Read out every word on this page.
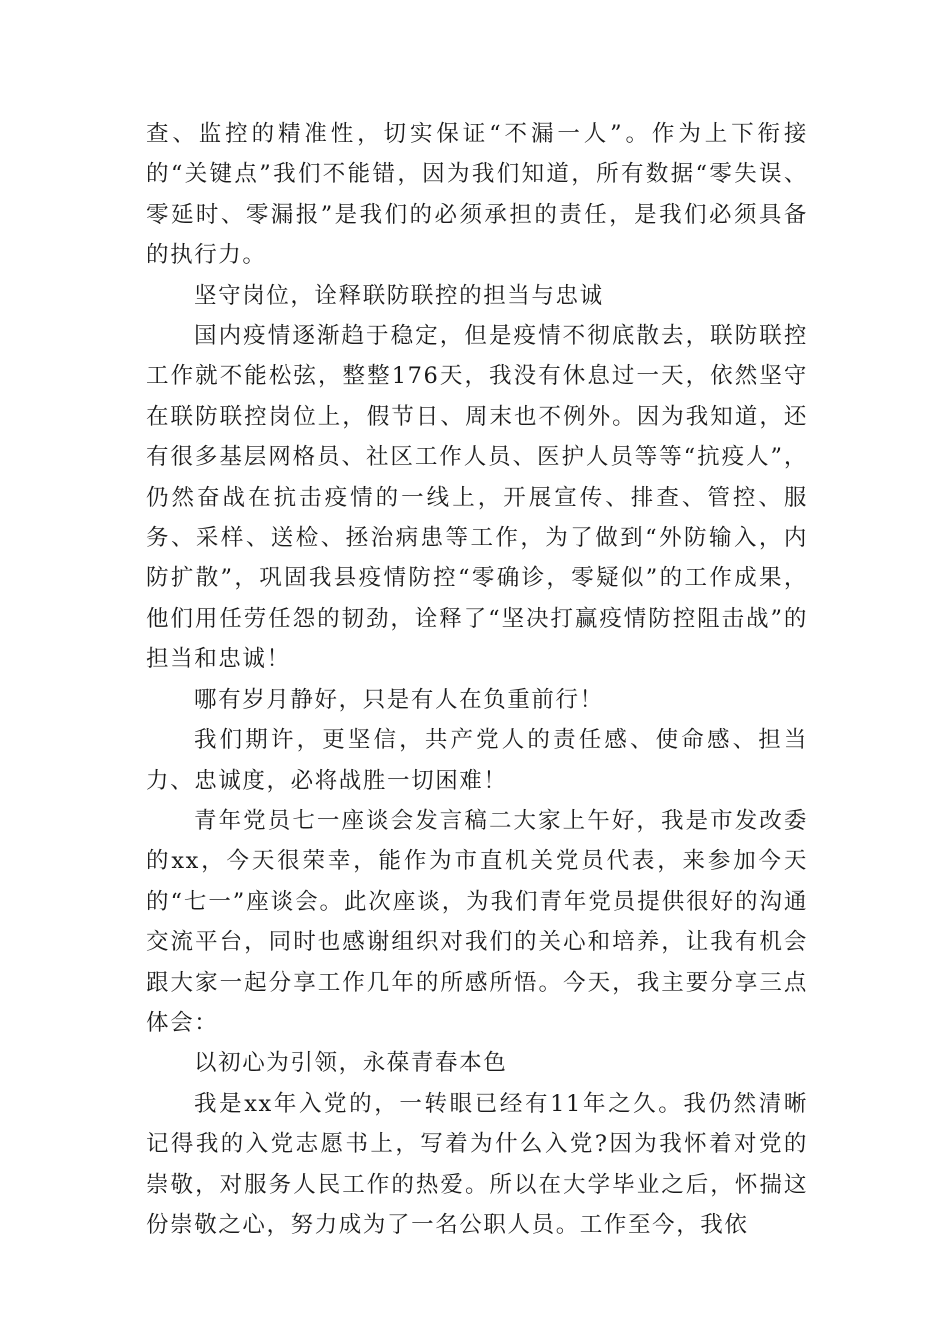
查、监控的精准性，切实保证“不漏一人”。作为上下衔接的“关键点”我们不能错，因为我们知道，所有数据“零失误、零延时、零漏报”是我们的必须承担的责任，是我们必须具备的执行力。

坚守岗位，诠释联防联控的担当与忠诚

国内疫情逐渐趋于稳定，但是疫情不彻底散去，联防联控工作就不能松弦，整整176天，我没有休息过一天，依然坚守在联防联控岗位上，假节日、周末也不例外。因为我知道，还有很多基层网格员、社区工作人员、医护人员等等“抗疫人”，仍然奋战在抗击疫情的一线上，开展宣传、排查、管控、服务、采样、送检、拯治病患等工作，为了做到“外防输入，内防扩散”，巩固我县疫情防控“零确诊，零疑似”的工作成果，他们用任劳任怨的韧劲，诠释了“坚决打赢疫情防控阻击战”的担当和忠诚！

哪有岁月静好，只是有人在负重前行！

我们期许，更坚信，共产党人的责任感、使命感、担当力、忠诚度，必将战胜一切困难！

青年党员七一座谈会发言稿二大家上午好，我是市发改委的xx，今天很荣幸，能作为市直机关党员代表，来参加今天的“七一”座谈会。此次座谈，为我们青年党员提供很好的沟通交流平台，同时也感谢组织对我们的关心和培养，让我有机会跟大家一起分享工作几年的所感所悟。今天，我主要分享三点体会：

以初心为引领，永葆青春本色

我是xx年入党的，一转眼已经有11年之久。我仍然清晰记得我的入党志愿书上，写着为什么入党?因为我怀着对党的崇敬，对服务人民工作的热爱。所以在大学毕业之后，怀揣这份崇敬之心，努力成为了一名公职人员。工作至今，我依
